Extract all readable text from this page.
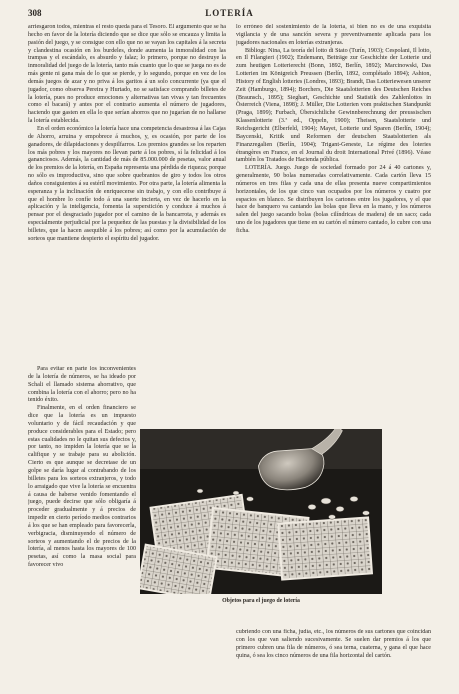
308	LOTERÍA

arriesgaron todos, mientras el resto queda para el Tesoro. El argumento que se ha hecho en favor de la lotería diciendo que se dice que sólo se encauza y limita la pasión del juego, y se consigue con ello que no se vayan los capitales á la secreta y clandestina ocasión en los burdeles, donde aumenta la inmoralidad con las trampas y el escándalo, es absurdo y falaz; lo primero, porque no destruye la inmoralidad del juego de la lotería, tanto más cuanto que lo que se juega no es de más gente ni gana más de lo que se pierde, y lo segundo, porque en vez de los demás juegos de azar y no priva á los garitos á un solo concurrente (ya que el jugador, como observa Pereira y Hurtado, no se satisface comprando billetes de la lotería, pues no produce emociones y alternativas tan vivas y tan frecuentes como el bacará) y antes por el contrario aumenta el número de jugadores, haciendo que gasten en ella lo que serían ahorros que no jugarían de no hallarse la lotería establecida.

En el orden económico la lotería hace una competencia desastrosa á las Cajas de Ahorro, arruina y empobrece á muchos, y, es ocasión, por parte de los ganadores, de dilapidaciones y despilfarros. Los premios grandes se los reparten los más pobres y los mayores no llevan parte á los pobres, sí la felicidad á los gananciosos. Además, la cantidad de más de 85.000.000 de pesetas, valor anual de los premios de la lotería, en España representa una pérdida de riqueza; porque no sólo es improductiva, sino que sobre quebrantos de giro y todos los otros daños consiguientes á su estéril movimiento. Por otra parte, la lotería alimenta la esperanza y la inclinación de enriquecerse sin trabajo, y con ello contribuye á que el hombre lo confíe todo á una suerte incierta, en vez de hacerlo en la aplicación y la inteligencia, fomenta la superstición y conduce á muchos á pensar por el desgraciado jugador por el camino de la bancarrota, y además es especialmente perjudicial por la pequeñez de las puestas y la divisibilidad de los billetes, que la hacen asequible á los pobres; así como por la acumulación de sorteos que mantiene despierto el espíritu del jugador.

Para evitar en parte los inconvenientes de la lotería de números, se ha ideado por Schali el llamado sistema ahorrativo, que combina la lotería con el ahorro; pero no ha tenido éxito.

Finalmente, en el orden financiero se dice que la lotería es un impuesto voluntario y de fácil recaudación y que produce considerables para el Estado; pero estas cualidades no le quitan sus defectos y, por tanto, no impiden la lotería que se la califique y se trabaje para su abolición. Cierto es que aunque se decretase de un golpe se daría lugar al contrabando de los billetes para los sorteos extranjeros, y todo lo arraigado que vive la lotería se encuentra á causa de haberse venido fomentando el juego, puede decirse que sólo obligaría á proceder gradualmente y á precios de impedir en cierto período medios contrarios á los que se han empleado para favorecerla, verbigracia, disminuyendo el número de sorteos y aumentando el de precios de la lotería, al menos hasta los mayores de 100 pesetas, así como la masa social para favorecer vivo

lo erróneo del sostenimiento de la lotería, si bien no es de una exquisita vigilancia y de una sanción severa y preventivamente aplicada para los jugadores nacionales en loterías extranjeras.

Bibliogr. Nina, La teoría del lotto di Stato (Turín, 1903); Cespolani, Il lotto, en Il Filangieri (1902); Endemann, Beiträge zur Geschichte der Lotterie und zum heutigen Lotterierecht (Bonn, 1892, Berlín, 1892); Marcinowski, Das Lotterien im Königreich Preussen (Berlín, 1892, complétado 1894); Ashton, History of English lotteries (Londres, 1893); Brandt, Das Lotteriewesen unserer Zeit (Hamburgo, 1894); Borchers, Die Staatslotterien des Deutschen Reiches (Braunsch., 1895); Sieghart, Geschichte und Statistik des Zahlenlottos in Österreich (Viena, 1898); J. Müller, Die Lotterien vom praktischen Standpunkt (Praga, 1899); Furbach, Übersichtliche Gewinnberechnung der preussischen Klassenlotterie (3.ª ed., Oppeln, 1900); Theisen, Staatslotterie und Reichsgericht (Elberfeld, 1904); Mayet, Lotterie und Sparen (Berlín, 1904); Baycenski, Kritik und Reformen der deutschen Staatslotterien als Finanzregalien (Berlín, 1904); Trigant-Geneste, Le régime des loteries étrangères en France, en el Journal du droit International Privé (1896). Véase también los Tratados de Hacienda pública.

LOTERÍA. Juego. Juego de sociedad formado por 24 á 40 cartones y, generalmente, 90 bolas numeradas correlativamente. Cada cartón lleva 15 números en tres filas y cada una de ellas presenta nueve compartimientos horizontales, de los que cinco van ocupados por los números y cuatro por espacios en blanco. Se distribuyen los cartones entre los jugadores, y el que hace de banquero va cantando las bolas que lleva en la mano, y los números salen del juego sacando bolas (bolas cilíndricas de madera) de un saco; cada uno de los jugadores que tiene en su cartón el número cantado, lo cubre con una ficha.

Objetos para el juego de lotería

cubriendo con una ficha, judía, etc., los números de sus cartones que coincidan con los que van saliendo sucesivamente. Se suelen dar premios á los que primero cubren una fila de números, ó sea terna, cuaterna, y gana el que hace quina, ó sea los cinco números de una fila horizontal del cartón.
